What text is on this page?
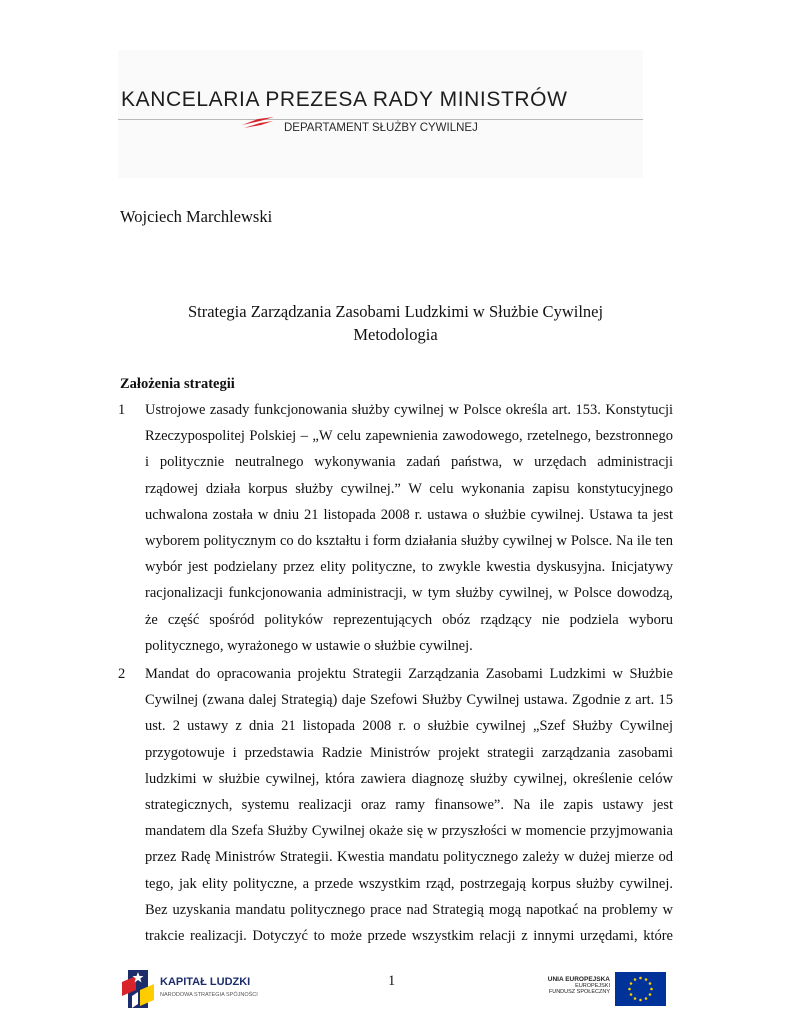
KANCELARIA PREZESA RADY MINISTRÓW
DEPARTAMENT SŁUŻBY CYWILNEJ
Wojciech Marchlewski
Strategia Zarządzania Zasobami Ludzkimi w Służbie Cywilnej
Metodologia
Założenia strategii
1 Ustrojowe zasady funkcjonowania służby cywilnej w Polsce określa art. 153. Konstytucji
Rzeczypospolitej Polskiej – „W celu zapewnienia zawodowego, rzetelnego, bezstronnego
i politycznie neutralnego wykonywania zadań państwa, w urzędach administracji
rządowej działa korpus służby cywilnej.” W celu wykonania zapisu konstytucyjnego
uchwalona została w dniu 21 listopada 2008 r. ustawa o służbie cywilnej. Ustawa ta jest
wyborem politycznym co do kształtu i form działania służby cywilnej w Polsce. Na ile ten
wybór jest podzielany przez elity polityczne, to zwykle kwestia dyskusyjna. Inicjatywy
racjonalizacji funkcjonowania administracji, w tym służby cywilnej, w Polsce dowodzą,
że część spośród polityków reprezentujących obóz rządzący nie podziela wyboru
politycznego, wyrażonego w ustawie o służbie cywilnej.
2 Mandat do opracowania projektu Strategii Zarządzania Zasobami Ludzkimi w Służbie
Cywilnej (zwana dalej Strategią) daje Szefowi Służby Cywilnej ustawa. Zgodnie z art. 15
ust. 2 ustawy z dnia 21 listopada 2008 r. o służbie cywilnej „Szef Służby Cywilnej
przygotowuje i przedstawia Radzie Ministrów projekt strategii zarządzania zasobami
ludzkimi w służbie cywilnej, która zawiera diagnozę służby cywilnej, określenie celów
strategicznych, systemu realizacji oraz ramy finansowe”. Na ile zapis ustawy jest
mandatem dla Szefa Służby Cywilnej okaże się w przyszłości w momencie przyjmowania
przez Radę Ministrów Strategii. Kwestia mandatu politycznego zależy w dużej mierze od
tego, jak elity polityczne, a przede wszystkim rząd, postrzegają korpus służby cywilnej.
Bez uzyskania mandatu politycznego prace nad Strategią mogą napotkać na problemy w
trakcie realizacji. Dotyczyć to może przede wszystkim relacji z innymi urzędami, które
KAPITAŁ LUDZKI
NARODOWA STRATEGIA SPÓJNOŚCI
1	UNIA EUROPEJSKA
EUROPEJSKI
FUNDUSZ SPOŁECZNY
